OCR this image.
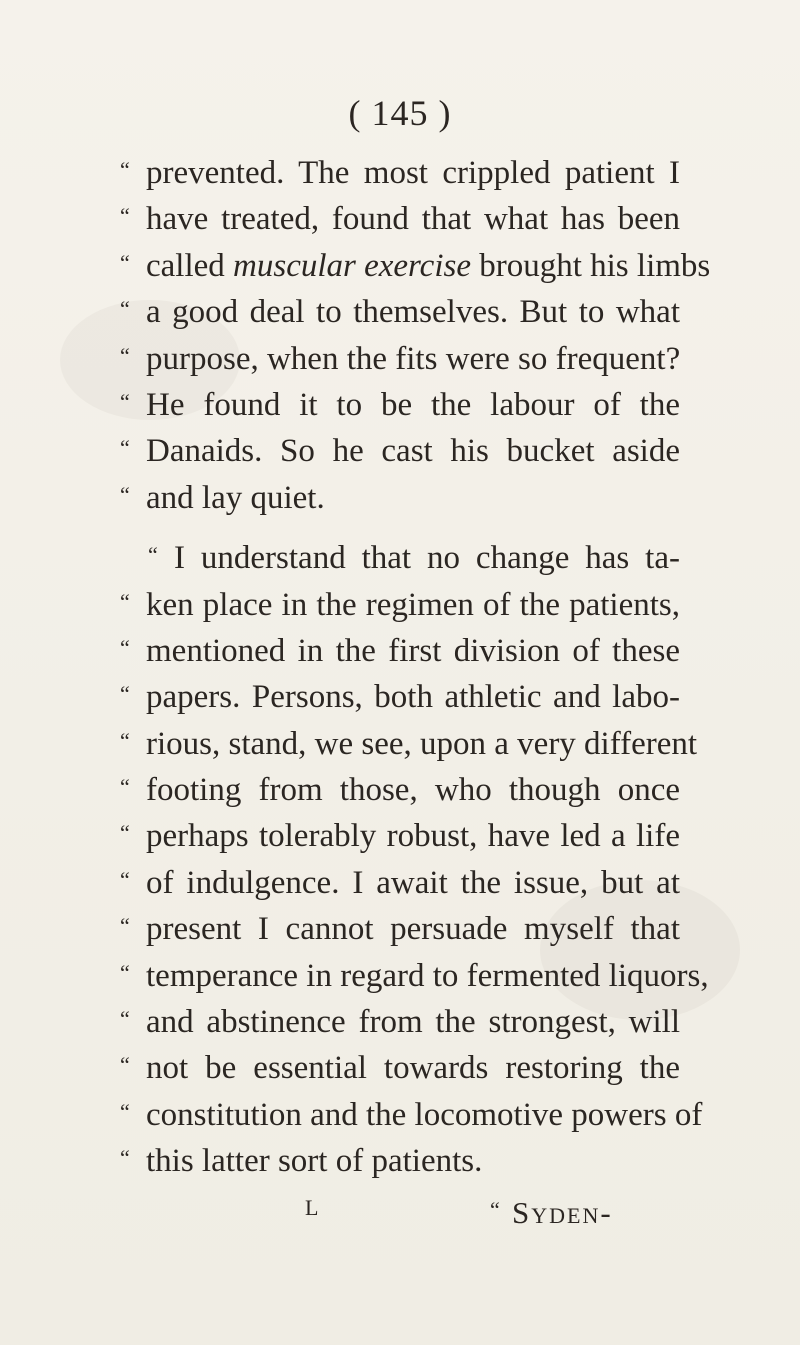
( 145 )
“ prevented. The most crippled patient I
“ have treated, found that what has been
“ called muscular exercise brought his limbs
“ a good deal to themselves. But to what
“ purpose, when the fits were so frequent?
“ He found it to be the labour of the
“ Danaids. So he cast his bucket aside
“ and lay quiet.
“ I understand that no change has ta-
“ ken place in the regimen of the patients,
“ mentioned in the first division of these
“ papers. Persons, both athletic and labo-
“ rious, stand, we see, upon a very different
“ footing from those, who though once
“ perhaps tolerably robust, have led a life
“ of indulgence. I await the issue, but at
“ present I cannot persuade myself that
“ temperance in regard to fermented liquors,
“ and abstinence from the strongest, will
“ not be essential towards restoring the
“ constitution and the locomotive powers of
“ this latter sort of patients.
L	“ Syden-
